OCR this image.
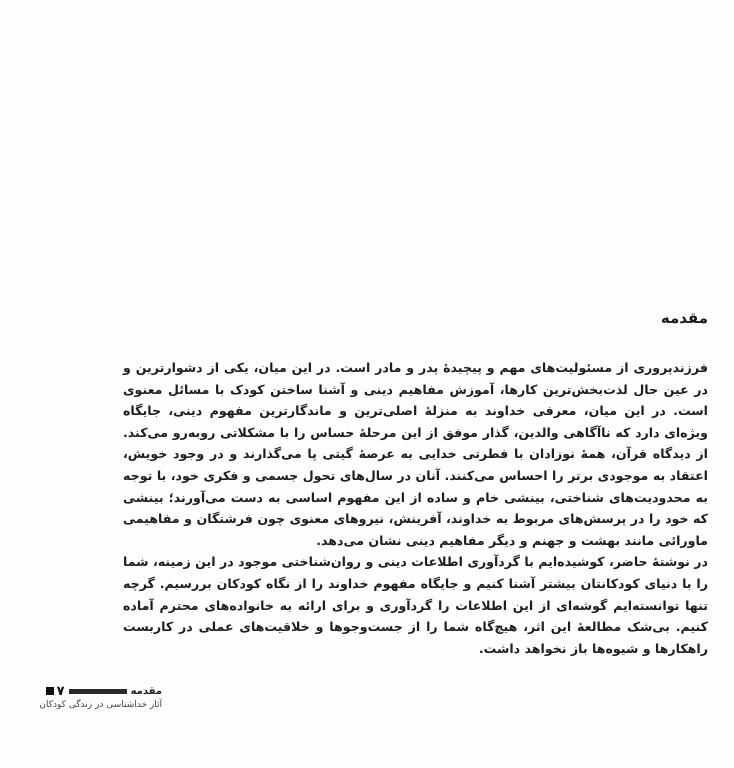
مقدمه

فرزندپروری از مسئولیت‌های مهم و پیچیدهٔ پدر و مادر است. در این میان، یکی از دشوارترین و در عین حال لذت‌بخش‌ترین کارها، آموزش مفاهیم دینی و آشنا ساختن کودک با مسائل معنوی است. در این میان، معرفی خداوند به منزلهٔ اصلی‌ترین و ماندگارترین مفهوم دینی، جایگاه ویژه‌ای دارد که ناآگاهی والدین، گذار موفق از این مرحلهٔ حساس را با مشکلاتی روبه‌رو می‌کند. از دیدگاه قرآن، همهٔ نوزادان با فطرتی خدایی به عرصهٔ گیتی پا می‌گذارند و در وجود خویش، اعتقاد به موجودی برتر را احساس می‌کنند. آنان در سال‌های تحول جسمی و فکری خود، با توجه به محدودیت‌های شناختی، بینشی خام و ساده از این مفهوم اساسی به دست می‌آورند؛ بینشی که خود را در پرسش‌های مربوط به خداوند، آفرینش، نیروهای معنوی چون فرشتگان و مفاهیمی ماورائی مانند بهشت و جهنم و دیگر مفاهیم دینی نشان می‌دهد.

در نوشتهٔ حاضر، کوشیده‌ایم با گردآوری اطلاعات دینی و روان‌شناختی موجود در این زمینه، شما را با دنیای کودکانتان بیشتر آشنا کنیم و جایگاه مفهوم خداوند را از نگاه کودکان بررسیم. گرچه تنها توانسته‌ایم گوشه‌ای از این اطلاعات را گردآوری و برای ارائه به خانواده‌های محترم آماده کنیم. بی‌شک مطالعهٔ این اثر، هیچ‌گاه شما را از جست‌وجوها و خلاقیت‌های عملی در کاربست راهکارها و شیوه‌ها باز نخواهد داشت.

مقدمه
۷
آثار خداشناسی در زندگی کودکان
